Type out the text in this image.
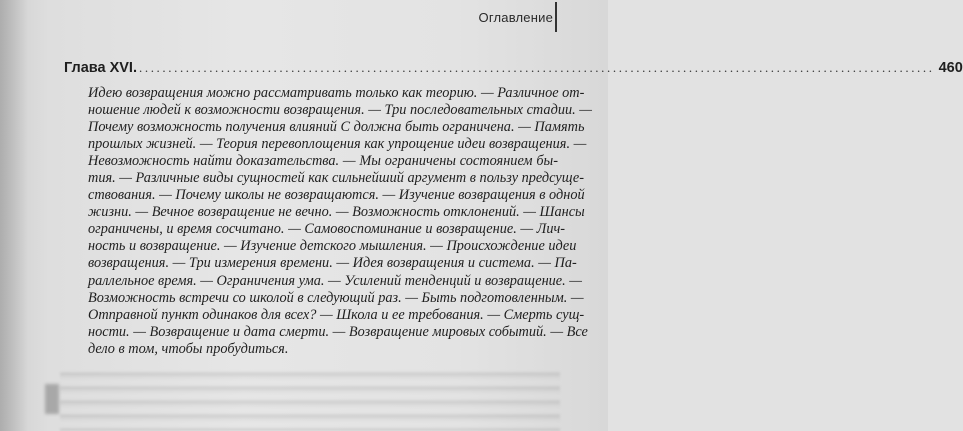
Оглавление
Глава XVI. ........................................................................................................................................ 460

Идею возвращения можно рассматривать только как теорию. — Различное от-
ношение людей к возможности возвращения. — Три последовательных стадии. —
Почему возможность получения влияний С должна быть ограничена. — Память
прошлых жизней. — Теория перевоплощения как упрощение идеи возвращения. —
Невозможность найти доказательства. — Мы ограничены состоянием бы-
тия. — Различные виды сущностей как сильнейший аргумент в пользу предсуще-
ствования. — Почему школы не возвращаются. — Изучение возвращения в одной
жизни. — Вечное возвращение не вечно. — Возможность отклонений. — Шансы
ограничены, и время сосчитано. — Самовоспоминание и возвращение. — Лич-
ность и возвращение. — Изучение детского мышления. — Происхождение идеи
возвращения. — Три измерения времени. — Идея возвращения и система. — Па-
раллельное время. — Ограничения ума. — Усилений тенденций и возвращение. —
Возможность встречи со школой в следующий раз. — Быть подготовленным. —
Отправной пункт одинаков для всех? — Школа и ее требования. — Смерть сущ-
ности. — Возвращение и дата смерти. — Возвращение мировых событий. — Все
дело в том, чтобы пробудиться.
